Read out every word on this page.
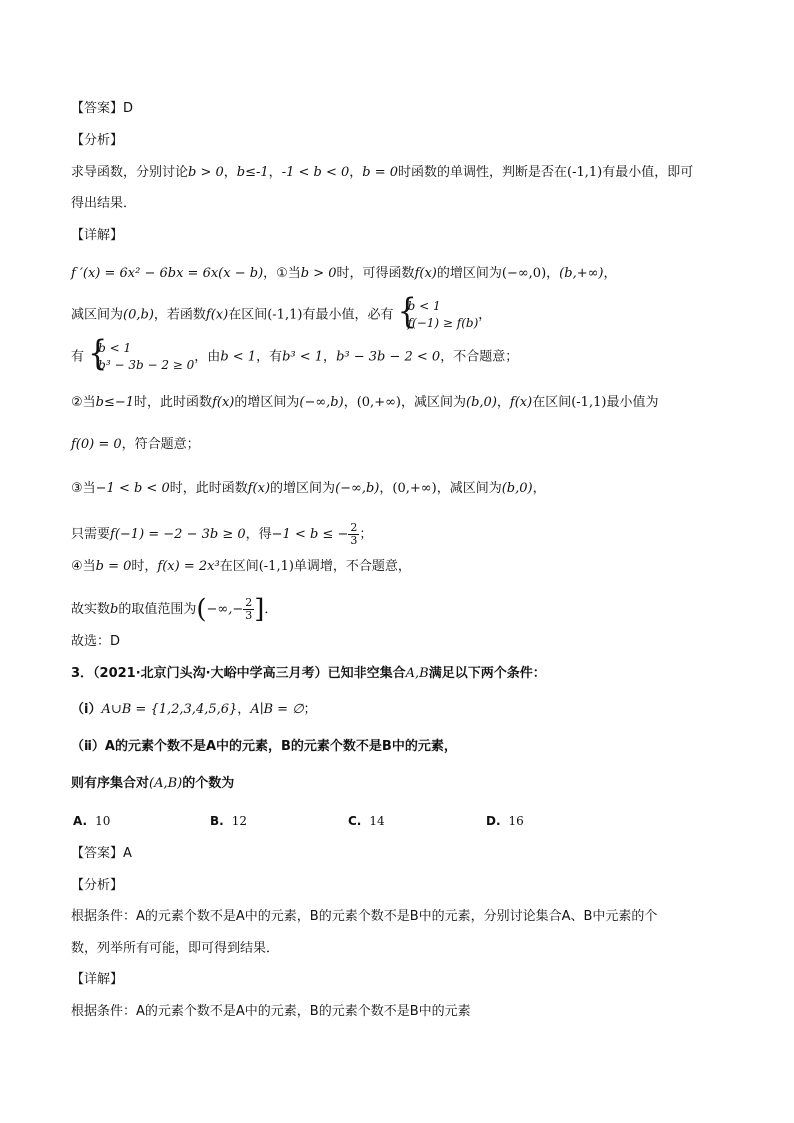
【答案】D
【分析】
求导函数，分别讨论b > 0，b≤-1，-1 < b < 0，b = 0时函数的单调性，判断是否在(-1,1)有最小值，即可
得出结果．
【详解】
f ′(x) = 6x² − 6bx = 6x(x − b)，①当b > 0时，可得函数f(x)的增区间为(−∞,0)，(b,+∞)，
减区间为(0,b)，若函数f(x)在区间(-1,1)有最小值，必有 {
b < 1
f(−1) ≥ f(b)
，
有 {
b < 1
b³ − 3b − 2 ≥ 0
，由b < 1，有b³ < 1，b³ − 3b − 2 < 0，不合题意；
②当b≤−1时，此时函数f(x)的增区间为(−∞,b)，(0,+∞)，减区间为(b,0)，f(x)在区间(-1,1)最小值为
f(0) = 0，符合题意；
③当−1 < b < 0时，此时函数f(x)的增区间为(−∞,b)，(0,+∞)，减区间为(b,0)，
只需要f(−1) = −2 − 3b ≥ 0，得−1 < b ≤ − $\frac{2}{3}$ ；
④当b = 0时，f(x) = 2x³在区间(-1,1)单调增，不合题意，
故实数b的取值范围为(−∞,− $\frac{2}{3}$ ]．
故选：D
3．（2021·北京门头沟·大峪中学高三月考）已知非空集合A,B满足以下两个条件：
（ⅰ）A∪B = {1,2,3,4,5,6}，A∣B = ∅；
（ⅱ）A的元素个数不是A中的元素，B的元素个数不是B中的元素，
则有序集合对(A,B)的个数为
A. 10	B. 12	C. 14	D. 16
【答案】A
【分析】
根据条件：A的元素个数不是A中的元素，B的元素个数不是B中的元素，分别讨论集合A、B中元素的个
数，列举所有可能，即可得到结果．
【详解】
根据条件：A的元素个数不是A中的元素，B的元素个数不是B中的元素
